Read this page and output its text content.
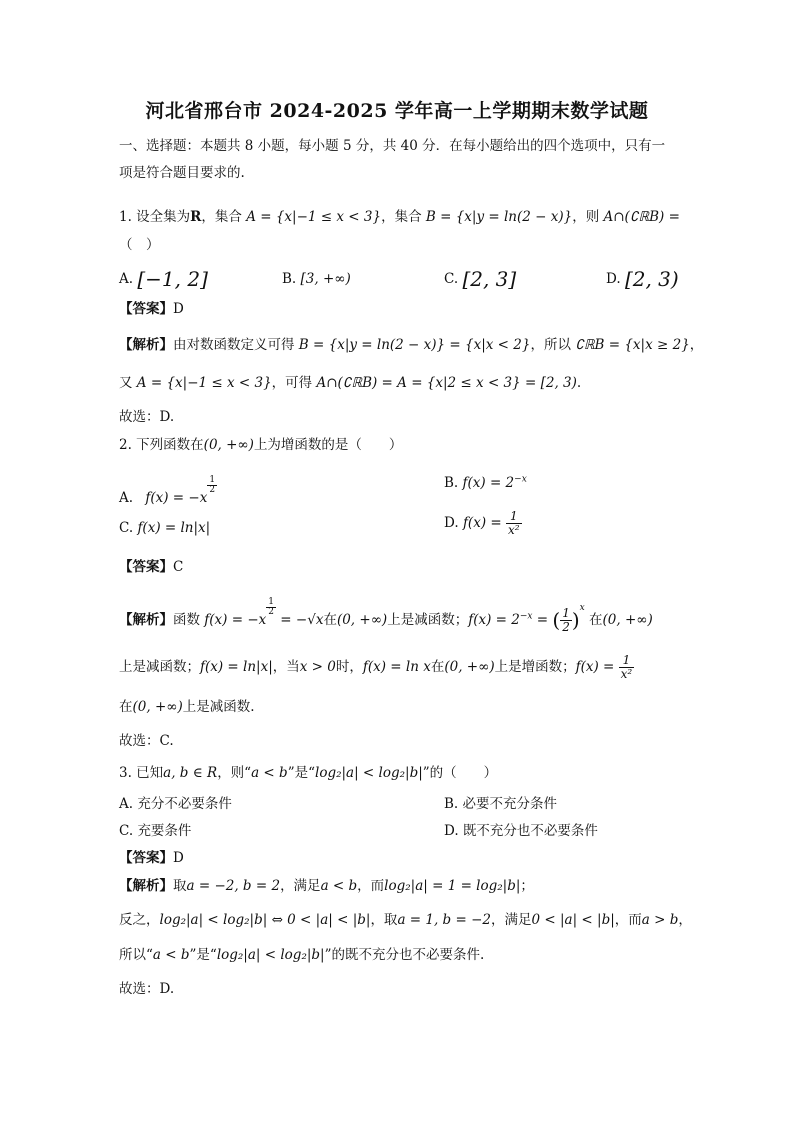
河北省邢台市 2024-2025 学年高一上学期期末数学试题
一、选择题：本题共 8 小题，每小题 5 分，共 40 分．在每小题给出的四个选项中，只有一
项是符合题目要求的.
1. 设全集为R，集合 A = {x|−1 ≤ x < 3}，集合 B = {x|y = ln(2 − x)}，则 A∩(∁ℝB) =
（　）
A. [−1, 2]	B. [3, +∞)	C. [2, 3]	D. [2, 3)
【答案】D
【解析】由对数函数定义可得 B = {x|y = ln(2 − x)} = {x|x < 2}，所以 ∁ℝB = {x|x ≥ 2}，
又 A = {x|−1 ≤ x < 3}，可得 A∩(∁ℝB) = A = {x|2 ≤ x < 3} = [2, 3).
故选：D.
2. 下列函数在(0, +∞)上为增函数的是（　　）
A. f(x) = −x
$\frac{1}{2}$	B. $f(x) = 2^{-x}$
C. f(x) = ln|x|	D. $f(x) = \frac{1}{\text{x²}}$
【答案】C
【解析】函数 f(x) = −x
$\frac{1}{2}$
= −√x在(0, +∞)上是减函数；$f(x) = 2^{-x}$ = ( $\frac{1}{2} )^x$ 在(0, +∞)
上是减函数；f(x) = ln|x|，当x > 0时，f(x) = ln x在(0, +∞)上是增函数；$f(x) = \frac{1}{\text{x²}}$
在(0, +∞)上是减函数.
故选：C.
3. 已知a, b ∈ R，则“a < b”是“log₂|a| < log₂|b|”的（　　）
A. 充分不必要条件	B. 必要不充分条件
C. 充要条件	D. 既不充分也不必要条件
【答案】D
【解析】取a = −2, b = 2，满足a < b，而log₂|a| = 1 = log₂|b|；
反之，log₂|a| < log₂|b| ⇔ 0 < |a| < |b|，取a = 1, b = −2，满足0 < |a| < |b|，而a > b，
所以“a < b”是“log₂|a| < log₂|b|”的既不充分也不必要条件.
故选：D.
